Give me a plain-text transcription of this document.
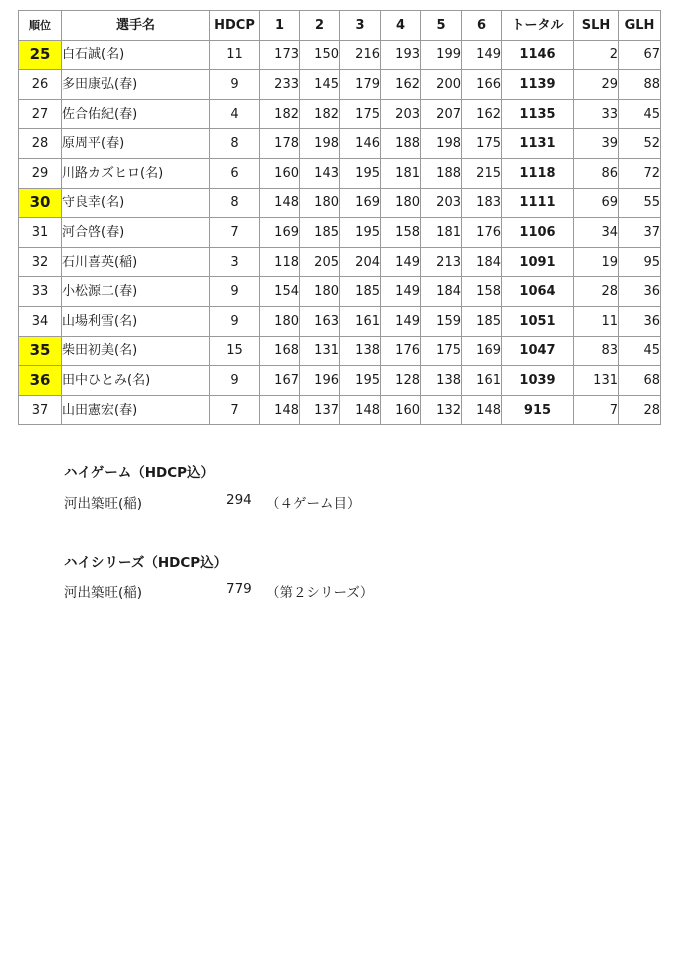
順位	選手名	HDCP	1	2	3	4	5	6	トータル	SLH	GLH
25	白石誠(名)	11	173	150	216	193	199	149	1146	2	67
26	多田康弘(春)	9	233	145	179	162	200	166	1139	29	88
27	佐合佑紀(春)	4	182	182	175	203	207	162	1135	33	45
28	原周平(春)	8	178	198	146	188	198	175	1131	39	52
29	川路カズヒロ(名)	6	160	143	195	181	188	215	1118	86	72
30	守良幸(名)	8	148	180	169	180	203	183	1111	69	55
31	河合啓(春)	7	169	185	195	158	181	176	1106	34	37
32	石川喜英(稲)	3	118	205	204	149	213	184	1091	19	95
33	小松源二(春)	9	154	180	185	149	184	158	1064	28	36
34	山場利雪(名)	9	180	163	161	149	159	185	1051	11	36
35	柴田初美(名)	15	168	131	138	176	175	169	1047	83	45
36	田中ひとみ(名)	9	167	196	195	128	138	161	1039	131	68
37	山田憲宏(春)	7	148	137	148	160	132	148	915	7	28
ハイゲーム（HDCP込）
河出築旺(稲)	294 （４ゲーム目）
ハイシリーズ（HDCP込）
河出築旺(稲)	779 （第２シリーズ）
